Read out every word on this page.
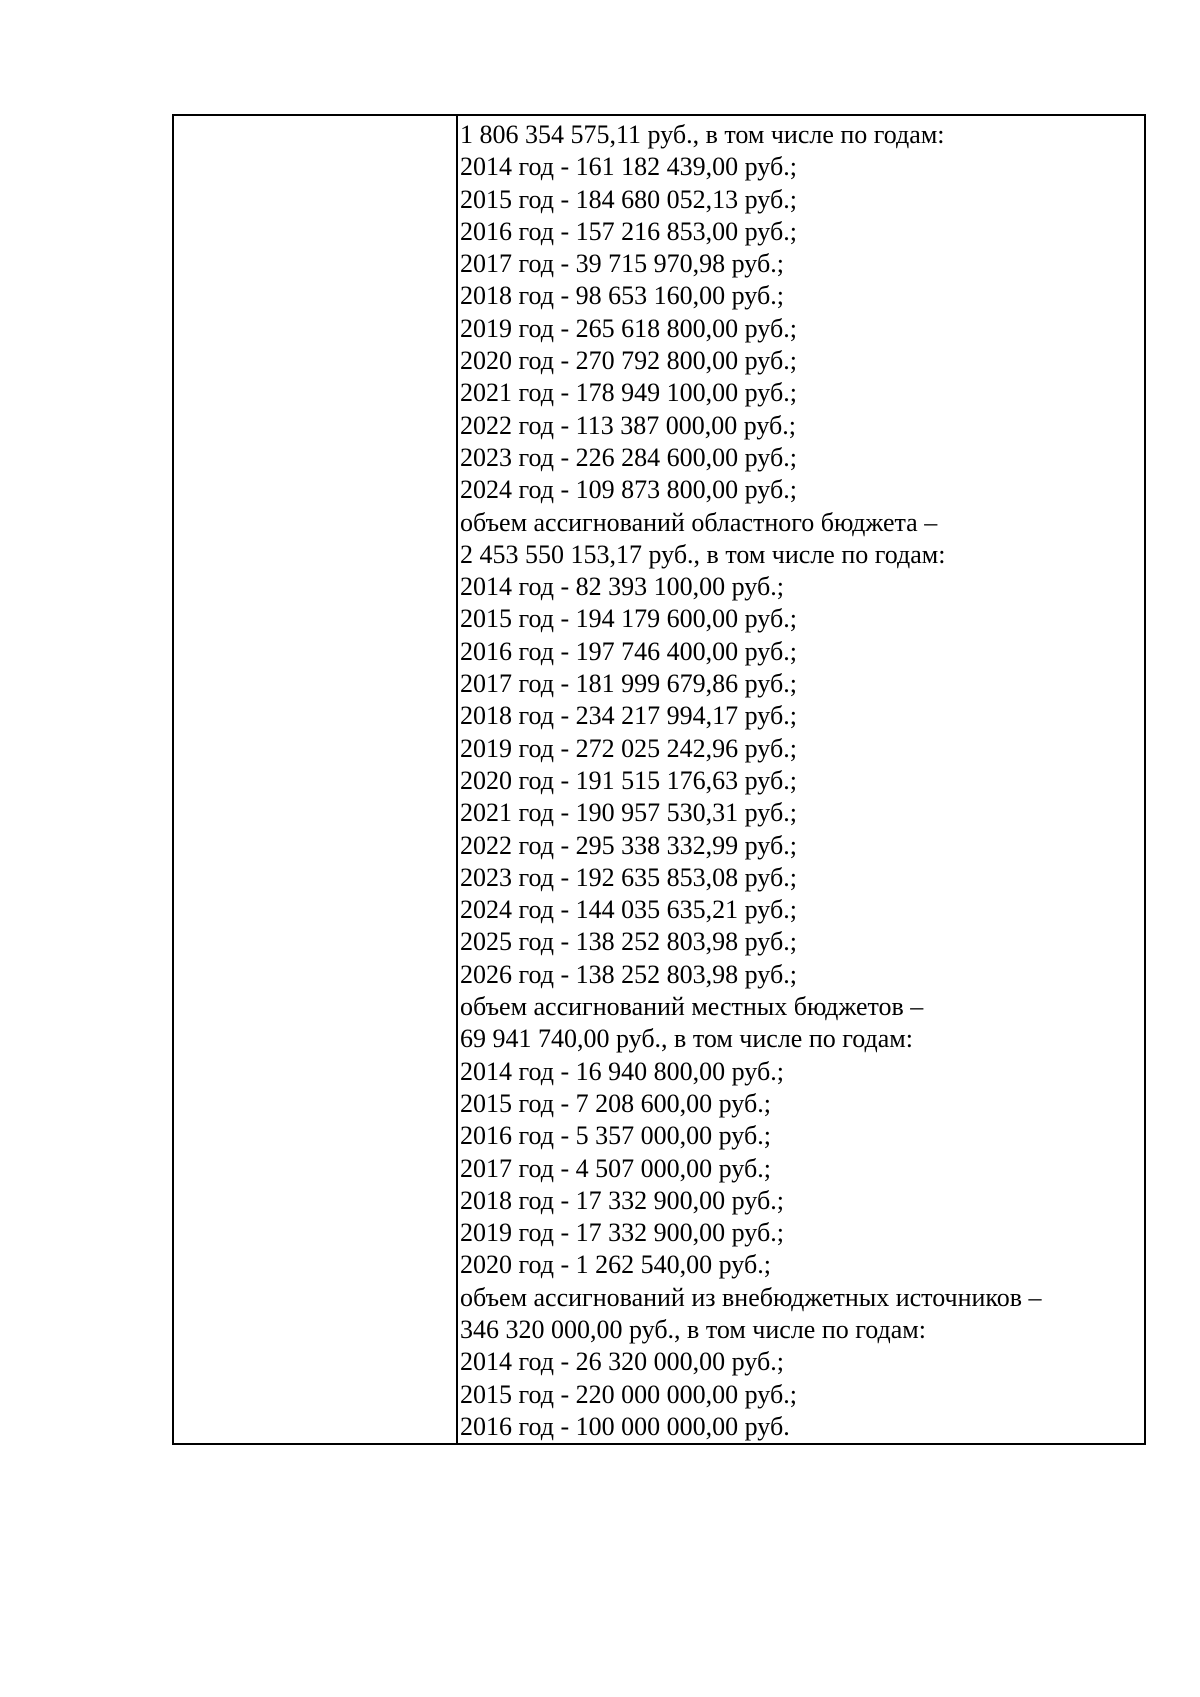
1 806 354 575,11 руб., в том числе по годам:
2014 год - 161 182 439,00 руб.;
2015 год - 184 680 052,13 руб.;
2016 год - 157 216 853,00 руб.;
2017 год - 39 715 970,98 руб.;
2018 год - 98 653 160,00 руб.;
2019 год - 265 618 800,00 руб.;
2020 год - 270 792 800,00 руб.;
2021 год - 178 949 100,00 руб.;
2022 год - 113 387 000,00 руб.;
2023 год - 226 284 600,00 руб.;
2024 год - 109 873 800,00 руб.;
объем ассигнований областного бюджета –
2 453 550 153,17 руб., в том числе по годам:
2014 год - 82 393 100,00 руб.;
2015 год - 194 179 600,00 руб.;
2016 год - 197 746 400,00 руб.;
2017 год - 181 999 679,86 руб.;
2018 год - 234 217 994,17 руб.;
2019 год - 272 025 242,96 руб.;
2020 год - 191 515 176,63 руб.;
2021 год - 190 957 530,31 руб.;
2022 год - 295 338 332,99 руб.;
2023 год - 192 635 853,08 руб.;
2024 год - 144 035 635,21 руб.;
2025 год - 138 252 803,98 руб.;
2026 год - 138 252 803,98 руб.;
объем ассигнований местных бюджетов –
69 941 740,00 руб., в том числе по годам:
2014 год - 16 940 800,00 руб.;
2015 год - 7 208 600,00 руб.;
2016 год - 5 357 000,00 руб.;
2017 год - 4 507 000,00 руб.;
2018 год - 17 332 900,00 руб.;
2019 год - 17 332 900,00 руб.;
2020 год - 1 262 540,00 руб.;
объем ассигнований из внебюджетных источников –
346 320 000,00 руб., в том числе по годам:
2014 год - 26 320 000,00 руб.;
2015 год - 220 000 000,00 руб.;
2016 год - 100 000 000,00 руб.
